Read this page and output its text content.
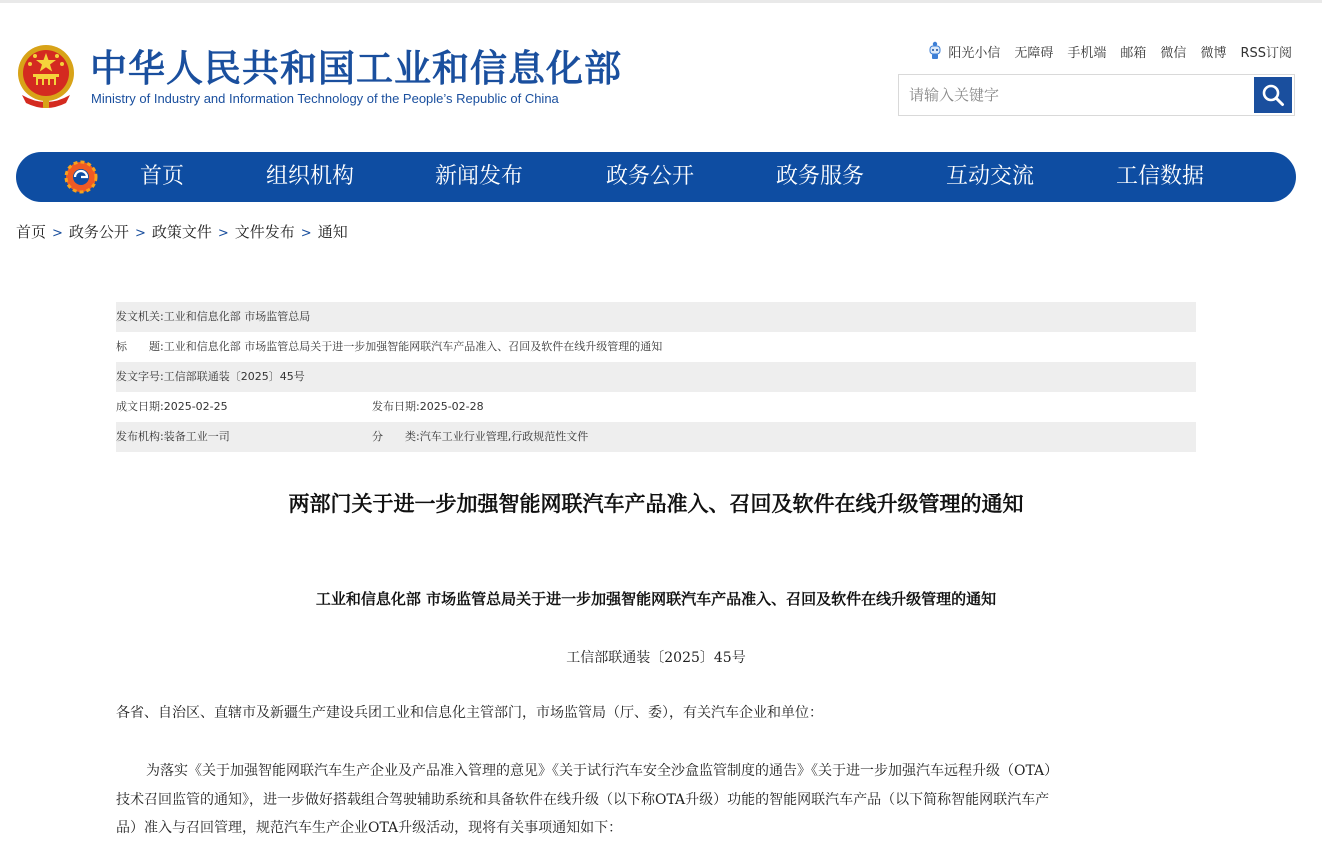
中华人民共和国工业和信息化部
Ministry of Industry and Information Technology of the People’s Republic of China
阳光小信 无障碍 手机端 邮箱 微信 微博 RSS订阅
请输入关键字
首页	组织机构	新闻发布	政务公开	政务服务	互动交流	工信数据
首页 > 政务公开 > 政策文件 > 文件发布 > 通知
发文机关:工业和信息化部 市场监管总局
标　　题:工业和信息化部 市场监管总局关于进一步加强智能网联汽车产品准入、召回及软件在线升级管理的通知
发文字号:工信部联通装〔2025〕45号
成文日期:2025-02-25	发布日期:2025-02-28
发布机构:装备工业一司	分　　类:汽车工业行业管理,行政规范性文件
两部门关于进一步加强智能网联汽车产品准入、召回及软件在线升级管理的通知
工业和信息化部 市场监管总局关于进一步加强智能网联汽车产品准入、召回及软件在线升级管理的通知
工信部联通装〔2025〕45号
各省、自治区、直辖市及新疆生产建设兵团工业和信息化主管部门，市场监管局（厅、委），有关汽车企业和单位：
为落实《关于加强智能网联汽车生产企业及产品准入管理的意见》《关于试行汽车安全沙盒监管制度的通告》《关于进一步加强汽车远程升级（OTA）
技术召回监管的通知》，进一步做好搭载组合驾驶辅助系统和具备软件在线升级（以下称OTA升级）功能的智能网联汽车产品（以下简称智能网联汽车产
品）准入与召回管理，规范汽车生产企业OTA升级活动，现将有关事项通知如下：
